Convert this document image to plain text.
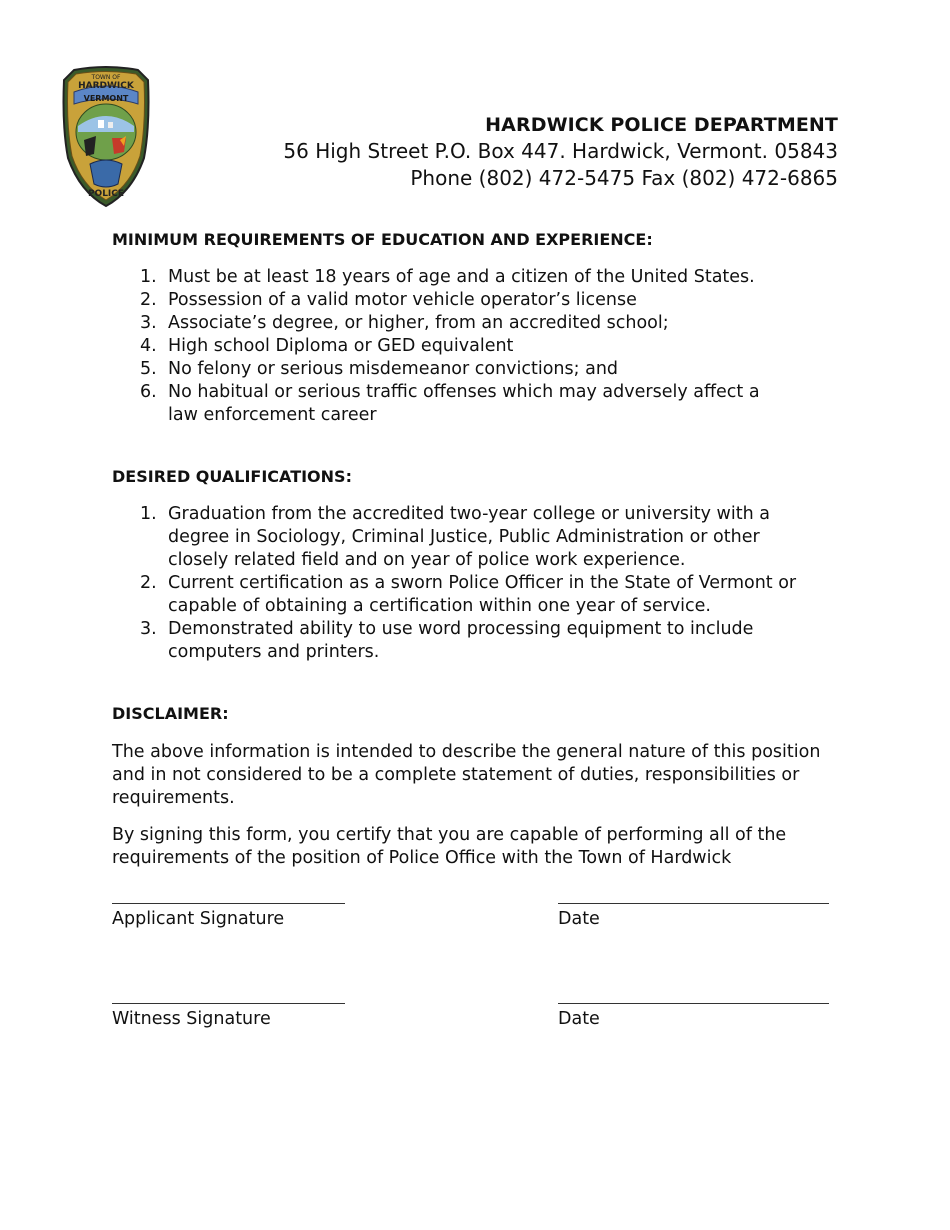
TOWN OF
HARDWICK
VERMONT
POLICE
HARDWICK POLICE DEPARTMENT
56 High Street P.O. Box 447. Hardwick, Vermont. 05843
Phone (802) 472-5475 Fax (802) 472-6865

MINIMUM REQUIREMENTS OF EDUCATION AND EXPERIENCE:

1. Must be at least 18 years of age and a citizen of the United States.
2. Possession of a valid motor vehicle operator’s license
3. Associate’s degree, or higher, from an accredited school;
4. High school Diploma or GED equivalent
5. No felony or serious misdemeanor convictions; and
6. No habitual or serious traffic offenses which may adversely affect a law enforcement career

DESIRED QUALIFICATIONS:

1. Graduation from the accredited two-year college or university with a degree in Sociology, Criminal Justice, Public Administration or other closely related field and on year of police work experience.
2. Current certification as a sworn Police Officer in the State of Vermont or capable of obtaining a certification within one year of service.
3. Demonstrated ability to use word processing equipment to include computers and printers.

DISCLAIMER:

The above information is intended to describe the general nature of this position and in not considered to be a complete statement of duties, responsibilities or requirements.

By signing this form, you certify that you are capable of performing all of the requirements of the position of Police Office with the Town of Hardwick

Applicant Signature	Date
Witness Signature	Date
